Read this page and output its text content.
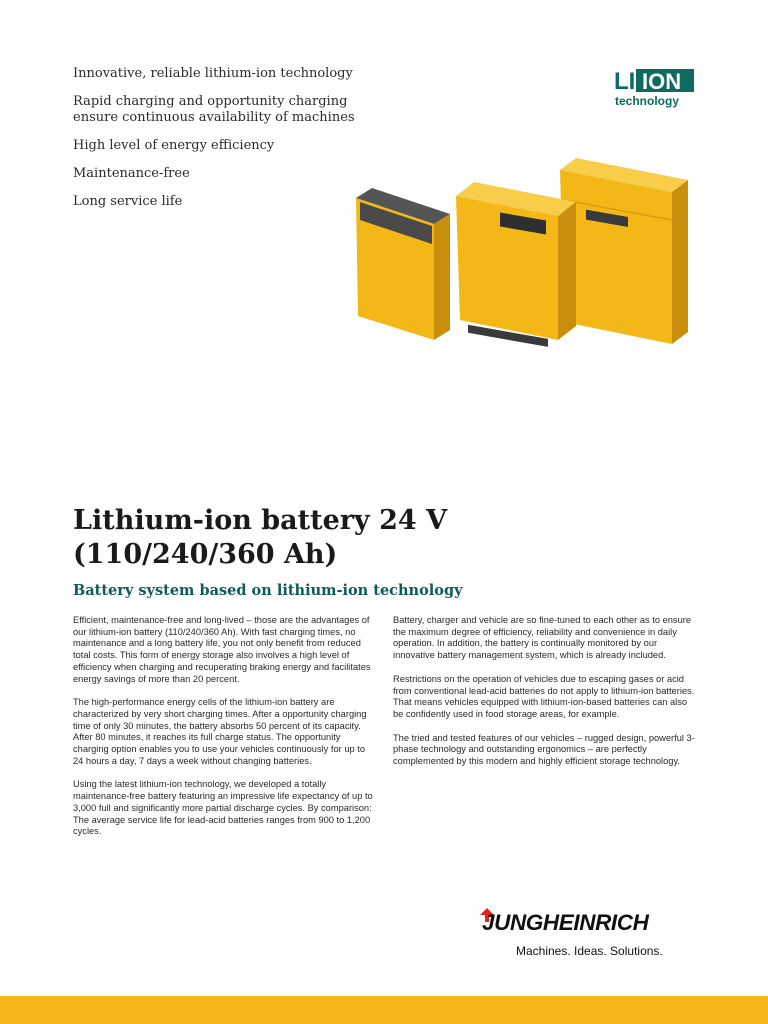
Innovative, reliable lithium-ion technology
Rapid charging and opportunity charging ensure continuous availability of machines
High level of energy efficiency
Maintenance-free
Long service life
LI ION
technology
Lithium-ion battery 24 V
(110/240/360 Ah)
Battery system based on lithium-ion technology

Efficient, maintenance-free and long-lived – those are the advantages of our lithium-ion battery (110/240/360 Ah). With fast charging times, no maintenance and a long battery life, you not only benefit from reduced total costs. This form of energy storage also involves a high level of efficiency when charging and recuperating braking energy and facilitates energy savings of more than 20 percent.

The high-performance energy cells of the lithium-ion battery are characterized by very short charging times. After a opportunity charging time of only 30 minutes, the battery absorbs 50 percent of its capacity. After 80 minutes, it reaches its full charge status. The opportunity charging option enables you to use your vehicles continuously for up to 24 hours a day, 7 days a week without changing batteries.

Using the latest lithium-ion technology, we developed a totally maintenance-free battery featuring an impressive life expectancy of up to 3,000 full and significantly more partial discharge cycles. By comparison: The average service life for lead-acid batteries ranges from 900 to 1,200 cycles.

Battery, charger and vehicle are so fine-tuned to each other as to ensure the maximum degree of efficiency, reliability and convenience in daily operation. In addition, the battery is continually monitored by our innovative battery management system, which is already included.

Restrictions on the operation of vehicles due to escaping gases or acid from conventional lead-acid batteries do not apply to lithium-ion batteries. That means vehicles equipped with lithium-ion-based batteries can also be confidently used in food storage areas, for example.

The tried and tested features of our vehicles – rugged design, powerful 3-phase technology and outstanding ergonomics – are perfectly complemented by this modern and highly efficient storage technology.

JUNGHEINRICH
Machines. Ideas. Solutions.
